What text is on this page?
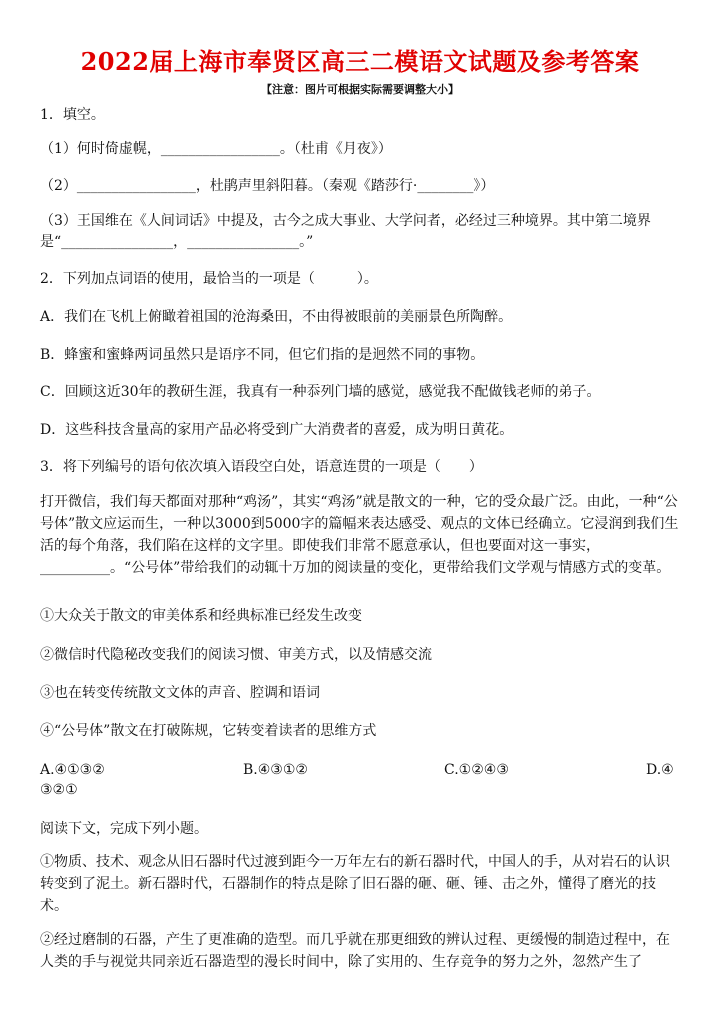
2022届上海市奉贤区高三二模语文试题及参考答案
【注意：图片可根据实际需要调整大小】
1．填空。
（1）何时倚虚幌，_________________。（杜甫《月夜》）
（2）_________________，杜鹃声里斜阳暮。（秦观《踏莎行·________》）
（3）王国维在《人间词话》中提及，古今之成大事业、大学问者，必经过三种境界。其中第二境界
是“________________，________________。”
2．下列加点词语的使用，最恰当的一项是（　　　）。
A．我们在飞机上俯瞰着祖国的沧海桑田，不由得被眼前的美丽景色所陶醉。
B．蜂蜜和蜜蜂两词虽然只是语序不同，但它们指的是迥然不同的事物。
C．回顾这近30年的教研生涯，我真有一种忝列门墙的感觉，感觉我不配做钱老师的弟子。
D．这些科技含量高的家用产品必将受到广大消费者的喜爱，成为明日黄花。
3．将下列编号的语句依次填入语段空白处，语意连贯的一项是（　　）
打开微信，我们每天都面对那种“鸡汤”，其实“鸡汤”就是散文的一种，它的受众最广泛。由此，一种“公号体”散文应运而生，一种以3000到5000字的篇幅来表达感受、观点的文体已经确立。它浸润到我们生活的每个角落，我们陷在这样的文字里。即使我们非常不愿意承认，但也要面对这一事实，__________。“公号体”带给我们的动辄十万加的阅读量的变化，更带给我们文学观与情感方式的变革。
①大众关于散文的审美体系和经典标准已经发生改变
②微信时代隐秘改变我们的阅读习惯、审美方式，以及情感交流
③也在转变传统散文文体的声音、腔调和语词
④“公号体”散文在打破陈规，它转变着读者的思维方式
A.④①③②	B.④③①②	C.①②④③	D.④
③②①
阅读下文，完成下列小题。
①物质、技术、观念从旧石器时代过渡到距今一万年左右的新石器时代，中国人的手，从对岩石的认识转变到了泥土。新石器时代，石器制作的特点是除了旧石器的砸、砸、锤、击之外，懂得了磨光的技术。
②经过磨制的石器，产生了更准确的造型。而几乎就在那更细致的辨认过程、更缓慢的制造过程中，在人类的手与视觉共同亲近石器造型的漫长时间中，除了实用的、生存竞争的努力之外，忽然产生了
